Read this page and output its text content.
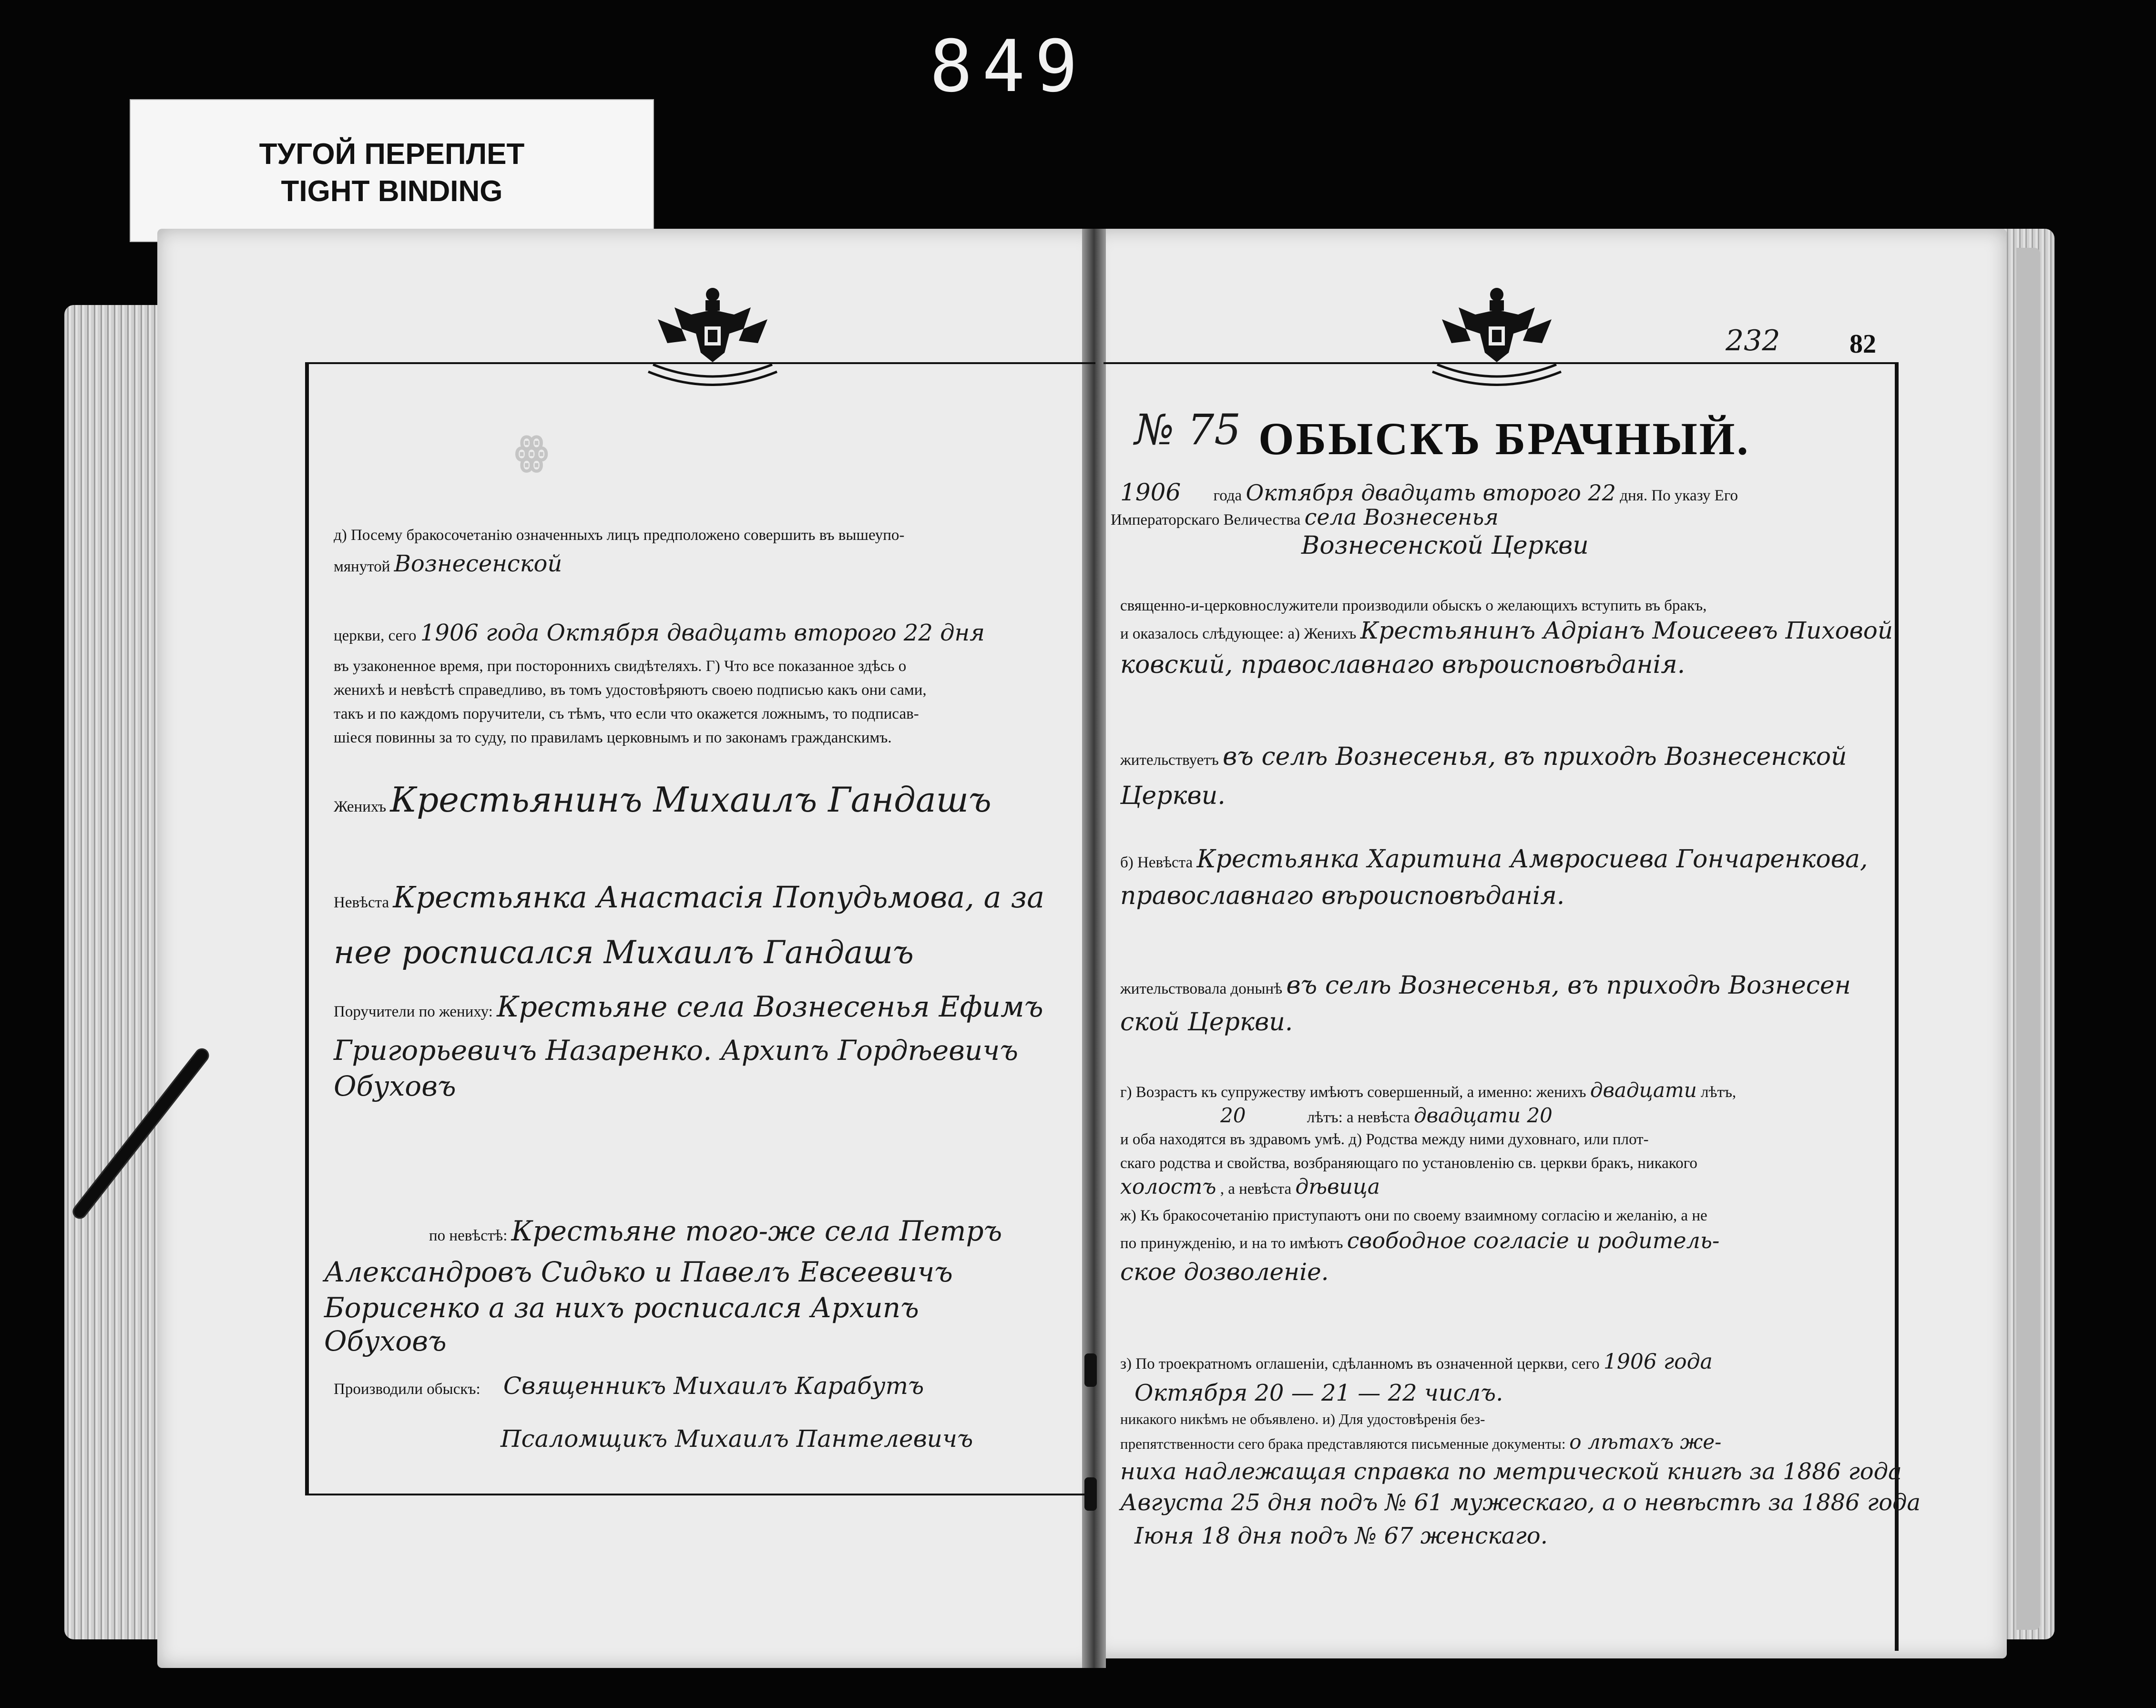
849
ТУГОЙ ПЕРЕПЛЕТ
TIGHT BINDING
ꙮ
д) Посему бракосочетанію означенныхъ лицъ предположено совершить въ вышеупо-
мянутой Вознесенской
церкви, сего 1906 года Октября двадцать второго 22 дня
въ узаконенное время, при постороннихъ свидѣтеляхъ. Г) Что все показанное здѣсь о
женихѣ и невѣстѣ справедливо, въ томъ удостовѣряютъ своею подписью какъ они сами,
такъ и по каждомъ поручители, съ тѣмъ, что если что окажется ложнымъ, то подписав-
шіеся повинны за то суду, по правиламъ церковнымъ и по законамъ гражданскимъ.
Женихъ Крестьянинъ Михаилъ Гандашъ
Невѣста Крестьянка Анастасія Попудьмова, а за
нее росписался Михаилъ Гандашъ
Поручители по жениху: Крестьяне села Вознесенья Ефимъ
Григорьевичъ Назаренко. Архипъ Гордѣевичъ
Обуховъ
по невѣстѣ: Крестьяне того-же села Петръ
Александровъ Сидько и Павелъ Евсеевичъ
Борисенко а за нихъ росписался Архипъ
Обуховъ
Производили обыскъ: Священникъ Михаилъ Карабутъ
Псаломщикъ Михаилъ Пантелевичъ
232	82
№ 75 ОБЫСКЪ БРАЧНЫЙ.
1906 года Октября двадцать второго 22 дня. По указу Его
Императорскаго Величества села Вознесенья
Вознесенской Церкви
священно-и-церковнослужители производили обыскъ о желающихъ вступить въ бракъ,
и оказалось слѣдующее: а) Женихъ Крестьянинъ Адріанъ Моисеевъ Пиховой
ковский, православнаго вѣроисповѣданія.
жительствуетъ въ селѣ Вознесенья, въ приходѣ Вознесенской
Церкви.
б) Невѣста Крестьянка Харитина Амвросиева Гончаренкова,
православнаго вѣроисповѣданія.
жительствовала донынѣ въ селѣ Вознесенья, въ приходѣ Вознесен
ской Церкви.
г) Возрастъ къ супружеству имѣютъ совершенный, а именно: женихъ двадцати лѣтъ,
20	лѣтъ: а невѣста двадцати 20
и оба находятся въ здравомъ умѣ. д) Родства между ними духовнаго, или плот-
скаго родства и свойства, возбраняющаго по установленію св. церкви бракъ, никакого
холостъ , а невѣста дѣвица
ж) Къ бракосочетанію приступаютъ они по своему взаимному согласію и желанію, а не
по принужденію, и на то имѣютъ свободное согласіе и родитель-
ское дозволеніе.
з) По троекратномъ оглашеніи, сдѣланномъ въ означенной церкви, сего 1906 года
Октября 20 — 21 — 22 числъ.
никакого никѣмъ не объявлено. и) Для удостовѣренія без-
препятственности сего брака представляются письменные документы: о лѣтахъ же-
ниха надлежащая справка по метрической книгѣ за 1886 года
Августа 25 дня подъ № 61 мужескаго, а о невѣстѣ за 1886 года
Іюня 18 дня подъ № 67 женскаго.
